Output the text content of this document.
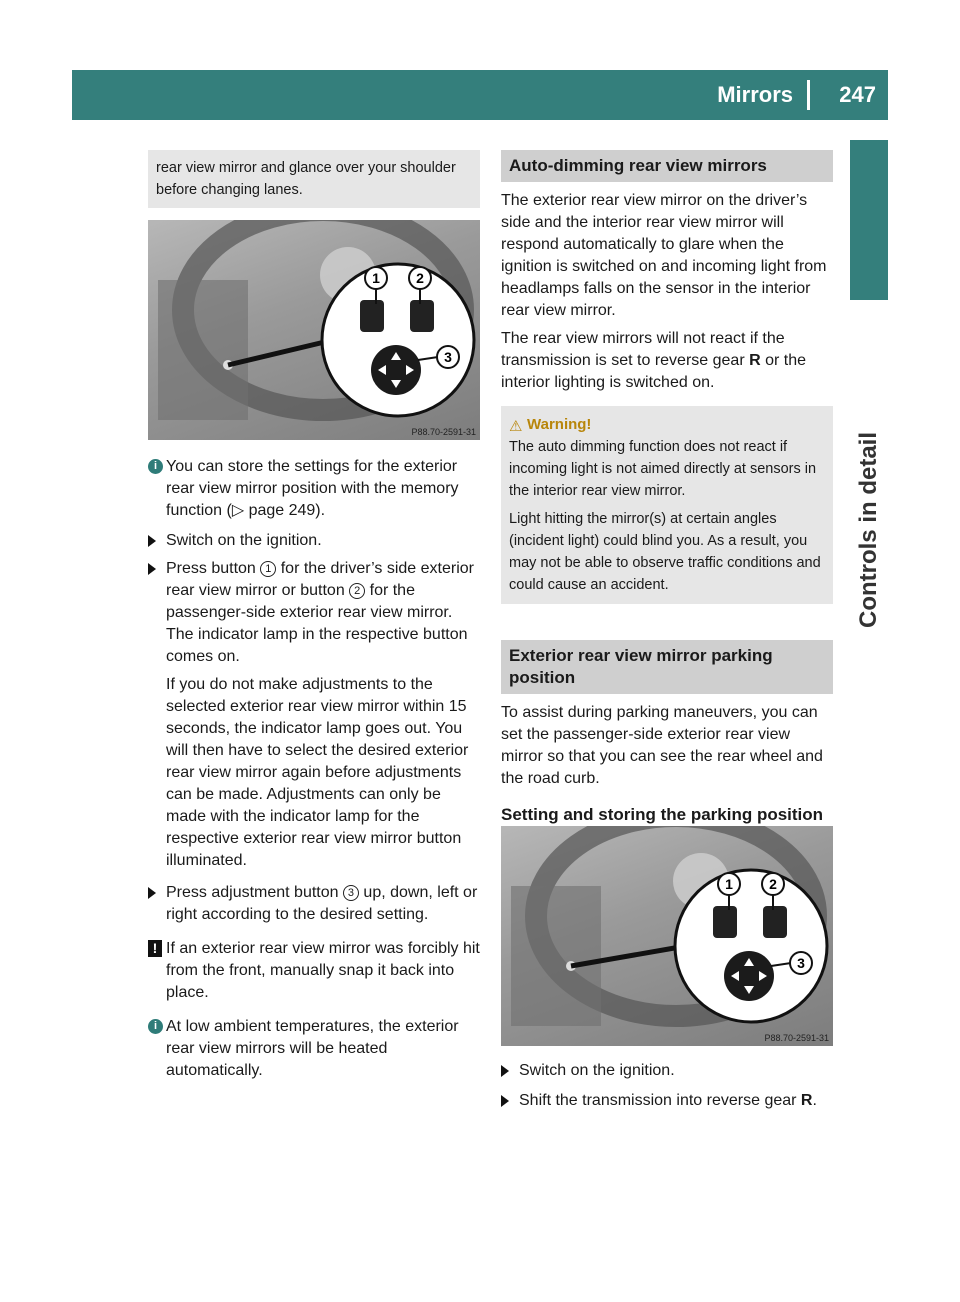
Mirrors	247
Controls in detail
rear view mirror and glance over your shoulder before changing lanes.
1	2
3
P88.70-2591-31
i You can store the settings for the exterior rear view mirror position with the memory function (▷ page 249).
Switch on the ignition.
Press button 1 for the driver’s side exterior rear view mirror or button 2 for the passenger-side exterior rear view mirror.
The indicator lamp in the respective button comes on.
If you do not make adjustments to the selected exterior rear view mirror within 15 seconds, the indicator lamp goes out. You will then have to select the desired exterior rear view mirror again before adjustments can be made. Adjustments can only be made with the indicator lamp for the respective exterior rear view mirror button illuminated.
Press adjustment button 3 up, down, left or right according to the desired setting.
! If an exterior rear view mirror was forcibly hit from the front, manually snap it back into place.
i At low ambient temperatures, the exterior rear view mirrors will be heated automatically.
Auto-dimming rear view mirrors

The exterior rear view mirror on the driver’s side and the interior rear view mirror will respond automatically to glare when the ignition is switched on and incoming light from headlamps falls on the sensor in the interior rear view mirror.

The rear view mirrors will not react if the transmission is set to reverse gear R or the interior lighting is switched on.

⚠ Warning!
The auto dimming function does not react if incoming light is not aimed directly at sensors in the interior rear view mirror.
Light hitting the mirror(s) at certain angles (incident light) could blind you. As a result, you may not be able to observe traffic conditions and could cause an accident.
Exterior rear view mirror parking position

To assist during parking maneuvers, you can set the passenger-side exterior rear view mirror so that you can see the rear wheel and the road curb.

Setting and storing the parking position
1	2
3
P88.70-2591-31
Switch on the ignition.
Shift the transmission into reverse gear R.
